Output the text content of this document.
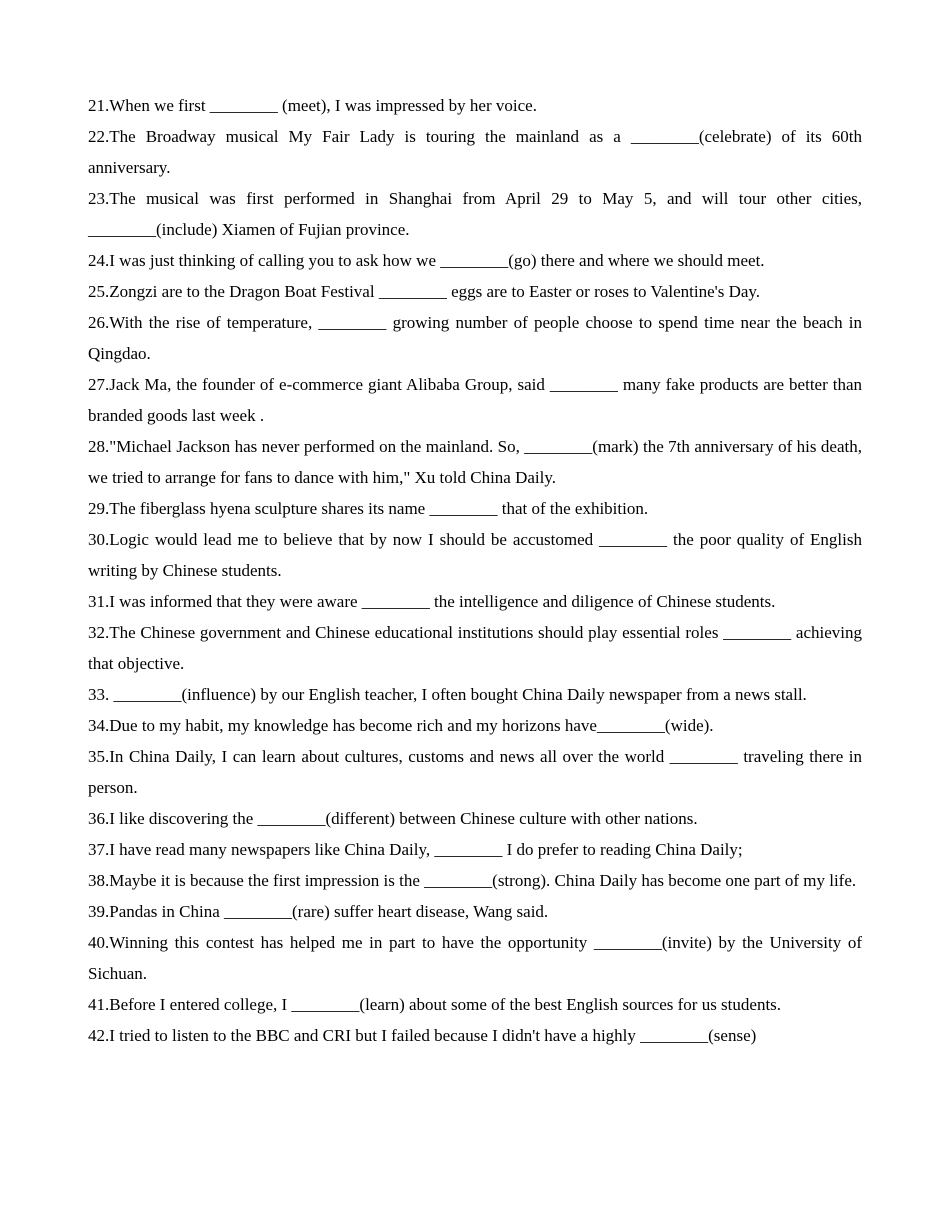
21.When we first ________ (meet), I was impressed by her voice.

22.The Broadway musical My Fair Lady is touring the mainland as a ________(celebrate) of its 60th anniversary.

23.The musical was first performed in Shanghai from April 29 to May 5, and will tour other cities, ________(include) Xiamen of Fujian province.

24.I was just thinking of calling you to ask how we ________(go) there and where we should meet.

25.Zongzi are to the Dragon Boat Festival ________ eggs are to Easter or roses to Valentine's Day.

26.With the rise of temperature, ________ growing number of people choose to spend time near the beach in Qingdao.

27.Jack Ma, the founder of e-commerce giant Alibaba Group, said ________ many fake products are better than branded goods last week .

28."Michael Jackson has never performed on the mainland. So, ________(mark) the 7th anniversary of his death, we tried to arrange for fans to dance with him," Xu told China Daily.

29.The fiberglass hyena sculpture shares its name ________ that of the exhibition.

30.Logic would lead me to believe that by now I should be accustomed ________ the poor quality of English writing by Chinese students.

31.I was informed that they were aware ________ the intelligence and diligence of Chinese students.

32.The Chinese government and Chinese educational institutions should play essential roles ________ achieving that objective.

33. ________(influence) by our English teacher, I often bought China Daily newspaper from a news stall.

34.Due to my habit, my knowledge has become rich and my horizons have________(wide).

35.In China Daily, I can learn about cultures, customs and news all over the world ________ traveling there in person.

36.I like discovering the ________(different) between Chinese culture with other nations.

37.I have read many newspapers like China Daily, ________ I do prefer to reading China Daily;

38.Maybe it is because the first impression is the ________(strong). China Daily has become one part of my life.

39.Pandas in China ________(rare) suffer heart disease, Wang said.

40.Winning this contest has helped me in part to have the opportunity ________(invite) by the University of Sichuan.

41.Before I entered college, I ________(learn) about some of the best English sources for us students.

42.I tried to listen to the BBC and CRI but I failed because I didn't have a highly ________(sense)
